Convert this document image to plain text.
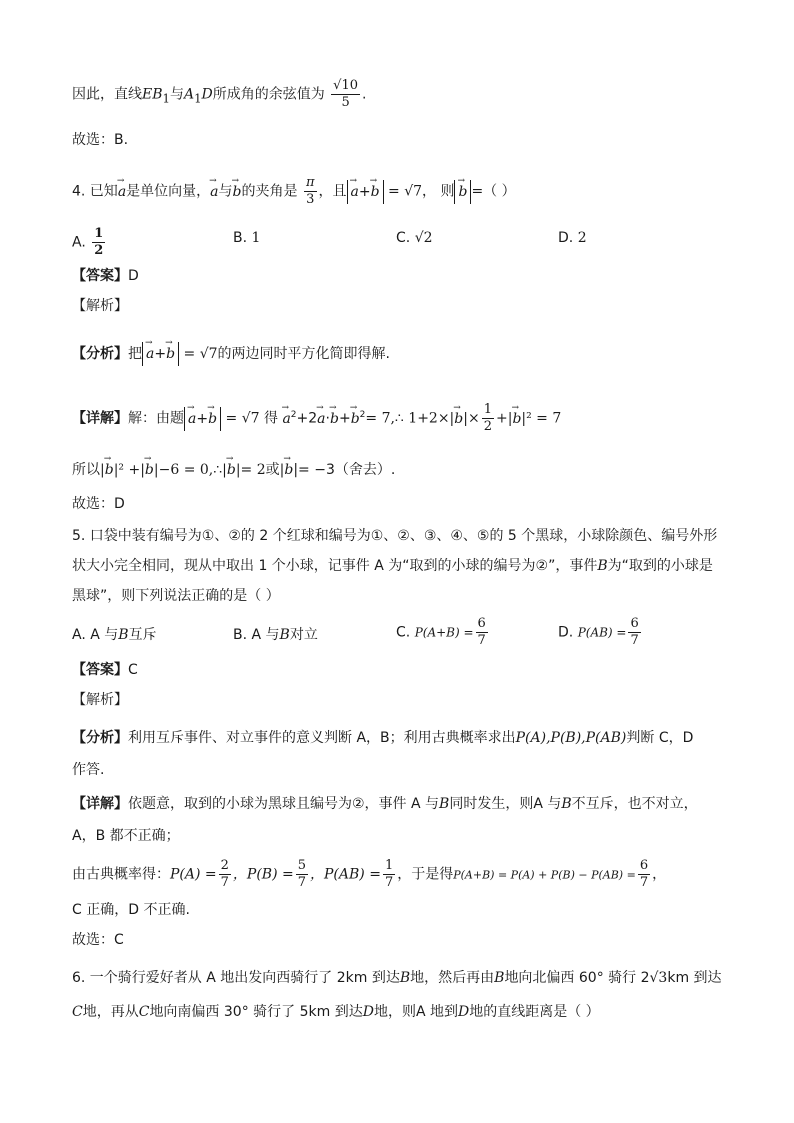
因此，直线$EB_1$与$A_1D$所成角的余弦值为 $\frac{√10}{5}$ .
故选：B.
4. 已知→ a是单位向量，→ a与→ b的夹角是 $\frac{\pi}{3}$ ，且 → a+→ b = √7， 则 → b =（ ）
A. $\frac{1}{2}$	B. 1	C. √2	D. 2
【答案】D
【解析】
【分析】把 → a+→ b = √7的两边同时平方化简即得解.
【详解】解：由题 → a+→ b = √7 得 → $a^2+2\to a\cdot\to b+\to b^2=$ 7,∴ $1+2\times|\to b|\times \frac{1}{2}$ +|→ b|² = 7
所以|→ b|² +|→ b|−6 = 0,∴|→ b|= 2或|→ b|= −3（舍去）.
故选：D
5. 口袋中装有编号为①、②的 2 个红球和编号为①、②、③、④、⑤的 5 个黑球，小球除颜色、编号外形
状大小完全相同，现从中取出 1 个小球，记事件 A 为“取到的小球的编号为②”，事件B为“取到的小球是
黑球”，则下列说法正确的是（ ）
A. A 与B互斥	B. A 与B对立	C. $P(A+B) = \frac{6}{7}$	D. $P(AB) = \frac{6}{7}$
【答案】C
【解析】
【分析】利用互斥事件、对立事件的意义判断 A，B；利用古典概率求出P(A),P(B),P(AB)判断 C，D
作答.
【详解】依题意，取到的小球为黑球且编号为②，事件 A 与B同时发生，则A 与B不互斥，也不对立，
A，B 都不正确；
由古典概率得：$P(A) = \frac{2}{7}$ ，$P(B) = \frac{5}{7}$ ，$P(AB) = \frac{1}{7}$ ，于是得$P(A+B) = P(A) + P(B) - P(AB) = \frac{6}{7}$ ，
C 正确，D 不正确.
故选：C
6. 一个骑行爱好者从 A 地出发向西骑行了 2km 到达B地，然后再由B地向北偏西 60° 骑行 2√3km 到达
C地，再从C地向南偏西 30° 骑行了 5km 到达D地，则A 地到D地的直线距离是（ ）
